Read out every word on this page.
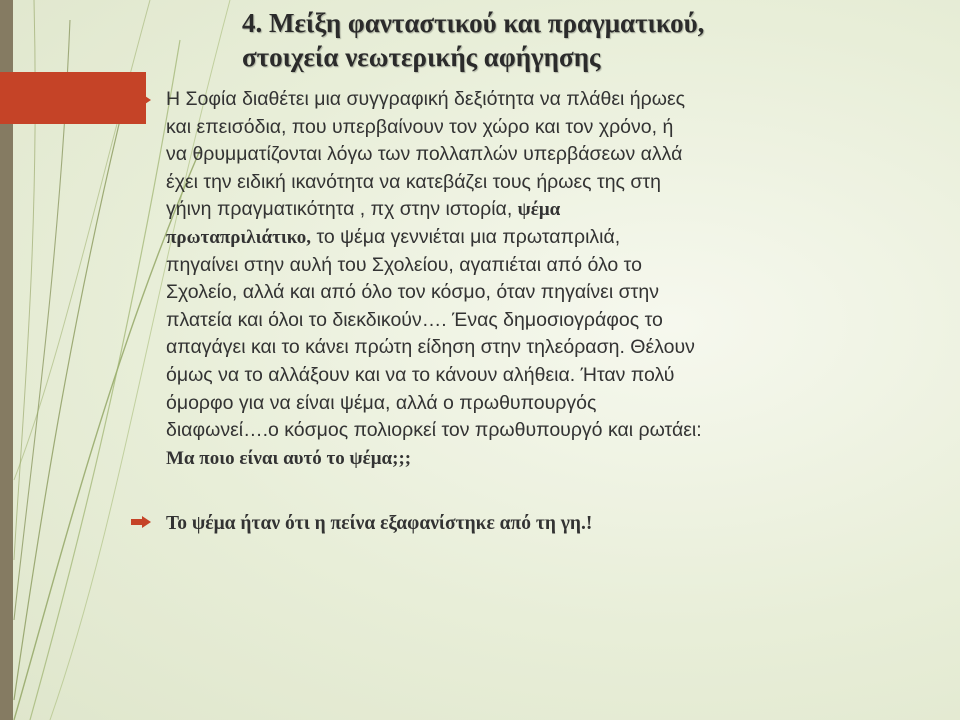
4. Μείξη φανταστικού και πραγματικού,
στοιχεία νεωτερικής αφήγησης
Η Σοφία διαθέτει μια συγγραφική δεξιότητα να πλάθει ήρωες
και επεισόδια, που υπερβαίνουν τον χώρο και τον χρόνο, ή
να θρυμματίζονται λόγω των πολλαπλών υπερβάσεων αλλά
έχει την ειδική ικανότητα να κατεβάζει τους ήρωες της στη
γήινη πραγματικότητα , πχ στην ιστορία, ψέμα
πρωταπριλιάτικο, το ψέμα γεννιέται μια πρωταπριλιά,
πηγαίνει στην αυλή του Σχολείου, αγαπιέται από όλο το
Σχολείο, αλλά και από όλο τον κόσμο, όταν πηγαίνει στην
πλατεία και όλοι το διεκδικούν…. Ένας δημοσιογράφος το
απαγάγει και το κάνει πρώτη είδηση στην τηλεόραση. Θέλουν
όμως να το αλλάξουν και να το κάνουν αλήθεια. Ήταν πολύ
όμορφο για να είναι ψέμα, αλλά ο πρωθυπουργός
διαφωνεί….ο κόσμος πολιορκεί τον πρωθυπουργό και ρωτάει:
Μα ποιο είναι αυτό το ψέμα;;;
Το ψέμα ήταν ότι η πείνα εξαφανίστηκε από τη γη.!
